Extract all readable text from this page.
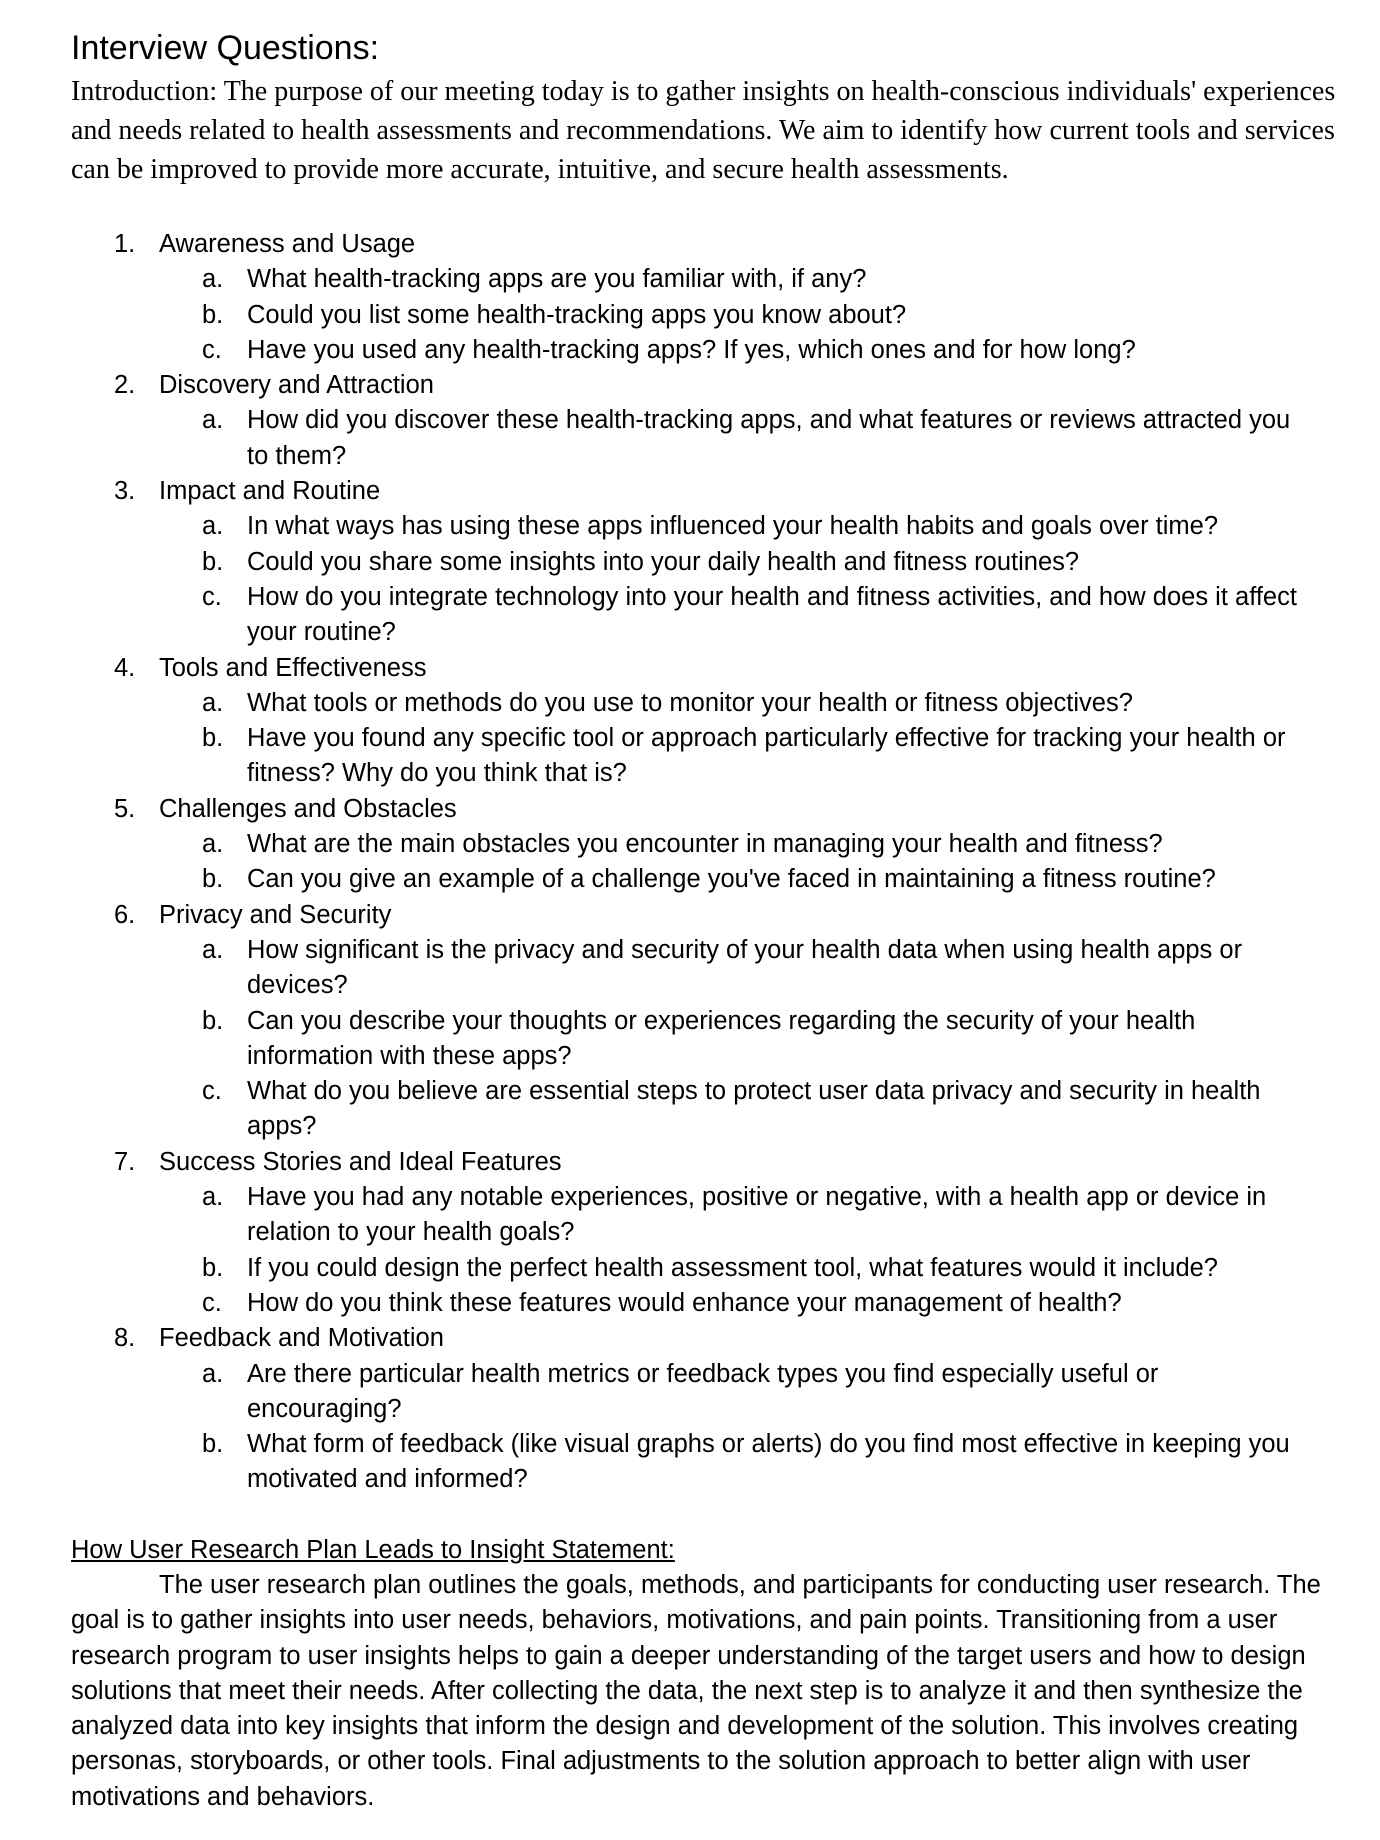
Interview Questions:

Introduction: The purpose of our meeting today is to gather insights on health-conscious individuals' experiences and needs related to health assessments and recommendations. We aim to identify how current tools and services can be improved to provide more accurate, intuitive, and secure health assessments.

1. Awareness and Usage
a. What health-tracking apps are you familiar with, if any?
b. Could you list some health-tracking apps you know about?
c. Have you used any health-tracking apps? If yes, which ones and for how long?
2. Discovery and Attraction
a. How did you discover these health-tracking apps, and what features or reviews attracted you to them?
3. Impact and Routine
a. In what ways has using these apps influenced your health habits and goals over time?
b. Could you share some insights into your daily health and fitness routines?
c. How do you integrate technology into your health and fitness activities, and how does it affect your routine?
4. Tools and Effectiveness
a. What tools or methods do you use to monitor your health or fitness objectives?
b. Have you found any specific tool or approach particularly effective for tracking your health or fitness? Why do you think that is?
5. Challenges and Obstacles
a. What are the main obstacles you encounter in managing your health and fitness?
b. Can you give an example of a challenge you've faced in maintaining a fitness routine?
6. Privacy and Security
a. How significant is the privacy and security of your health data when using health apps or devices?
b. Can you describe your thoughts or experiences regarding the security of your health information with these apps?
c. What do you believe are essential steps to protect user data privacy and security in health apps?
7. Success Stories and Ideal Features
a. Have you had any notable experiences, positive or negative, with a health app or device in relation to your health goals?
b. If you could design the perfect health assessment tool, what features would it include?
c. How do you think these features would enhance your management of health?
8. Feedback and Motivation
a. Are there particular health metrics or feedback types you find especially useful or encouraging?
b. What form of feedback (like visual graphs or alerts) do you find most effective in keeping you motivated and informed?

How User Research Plan Leads to Insight Statement:

The user research plan outlines the goals, methods, and participants for conducting user research. The goal is to gather insights into user needs, behaviors, motivations, and pain points. Transitioning from a user research program to user insights helps to gain a deeper understanding of the target users and how to design solutions that meet their needs. After collecting the data, the next step is to analyze it and then synthesize the analyzed data into key insights that inform the design and development of the solution. This involves creating personas, storyboards, or other tools. Final adjustments to the solution approach to better align with user motivations and behaviors.
